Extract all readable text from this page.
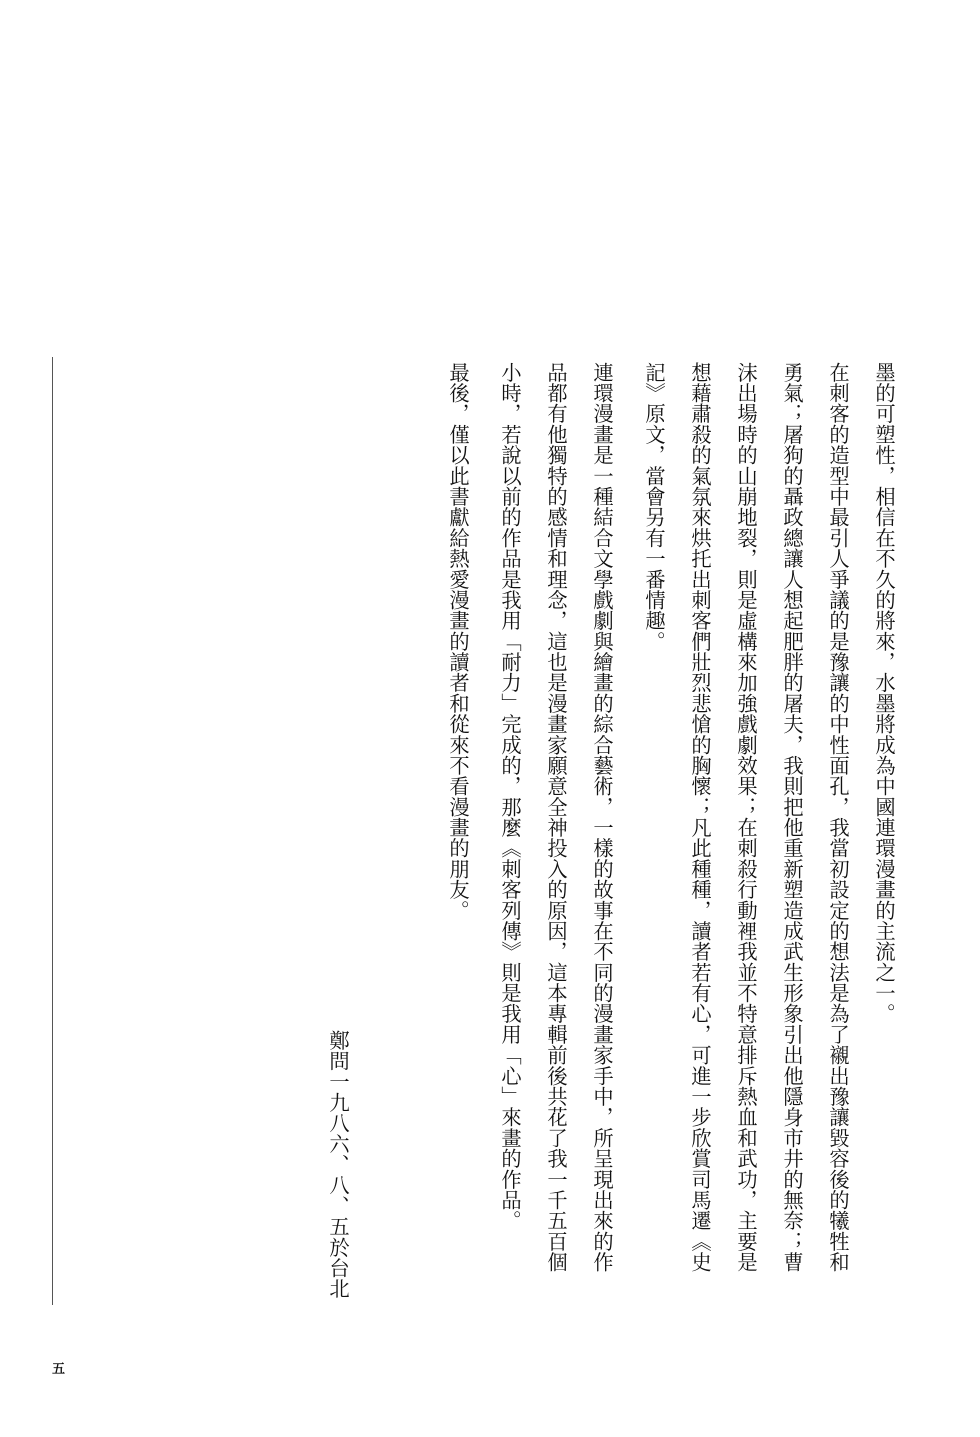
墨的可塑性，相信在不久的將來，水墨將成為中國連環漫畫的主流之一。
在刺客的造型中最引人爭議的是豫讓的中性面孔，我當初設定的想法是為了襯出豫讓毀容後的犧牲和
勇氣；屠狗的聶政總讓人想起肥胖的屠夫，我則把他重新塑造成武生形象引出他隱身市井的無奈；曹
沫出場時的山崩地裂，則是虛構來加強戲劇效果；在刺殺行動裡我並不特意排斥熱血和武功，主要是
想藉肅殺的氣氛來烘托出刺客們壯烈悲愴的胸懷；凡此種種，讀者若有心，可進一步欣賞司馬遷《史
記》原文，當會另有一番情趣。
連環漫畫是一種結合文學戲劇與繪畫的綜合藝術，一樣的故事在不同的漫畫家手中，所呈現出來的作
品都有他獨特的感情和理念，這也是漫畫家願意全神投入的原因，這本專輯前後共花了我一千五百個
小時，若說以前的作品是我用「耐力」完成的，那麼《刺客列傳》則是我用「心」來畫的作品。
最後，僅以此書獻給熱愛漫畫的讀者和從來不看漫畫的朋友。
鄭問一九八六、八、五於台北
五
